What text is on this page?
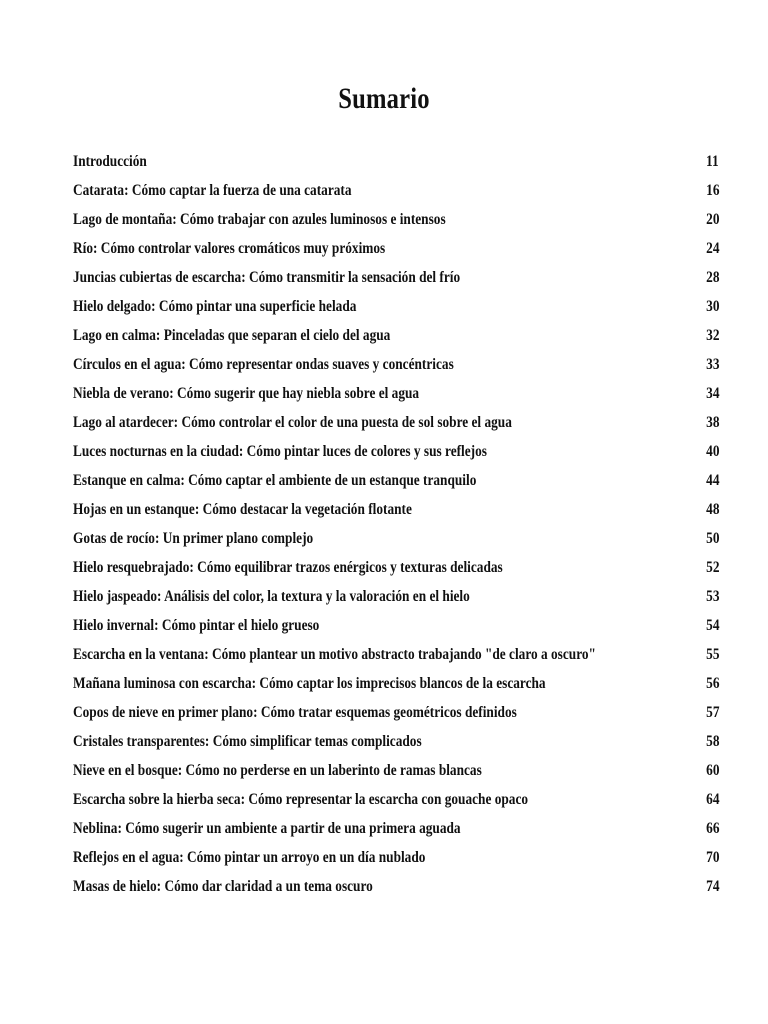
Sumario
Introducción	11
Catarata: Cómo captar la fuerza de una catarata	16
Lago de montaña: Cómo trabajar con azules luminosos e intensos	20
Río: Cómo controlar valores cromáticos muy próximos	24
Juncias cubiertas de escarcha: Cómo transmitir la sensación del frío	28
Hielo delgado: Cómo pintar una superficie helada	30
Lago en calma: Pinceladas que separan el cielo del agua	32
Círculos en el agua: Cómo representar ondas suaves y concéntricas	33
Niebla de verano: Cómo sugerir que hay niebla sobre el agua	34
Lago al atardecer: Cómo controlar el color de una puesta de sol sobre el agua	38
Luces nocturnas en la ciudad: Cómo pintar luces de colores y sus reflejos	40
Estanque en calma: Cómo captar el ambiente de un estanque tranquilo	44
Hojas en un estanque: Cómo destacar la vegetación flotante	48
Gotas de rocío: Un primer plano complejo	50
Hielo resquebrajado: Cómo equilibrar trazos enérgicos y texturas delicadas	52
Hielo jaspeado: Análisis del color, la textura y la valoración en el hielo	53
Hielo invernal: Cómo pintar el hielo grueso	54
Escarcha en la ventana: Cómo plantear un motivo abstracto trabajando "de claro a oscuro"	55
Mañana luminosa con escarcha: Cómo captar los imprecisos blancos de la escarcha	56
Copos de nieve en primer plano: Cómo tratar esquemas geométricos definidos	57
Cristales transparentes: Cómo simplificar temas complicados	58
Nieve en el bosque: Cómo no perderse en un laberinto de ramas blancas	60
Escarcha sobre la hierba seca: Cómo representar la escarcha con gouache opaco	64
Neblina: Cómo sugerir un ambiente a partir de una primera aguada	66
Reflejos en el agua: Cómo pintar un arroyo en un día nublado	70
Masas de hielo: Cómo dar claridad a un tema oscuro	74
